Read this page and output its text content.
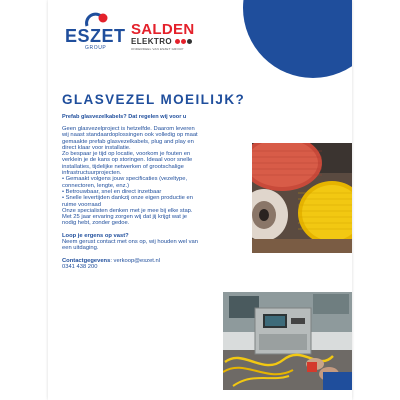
ESZET
GROUP
SALDEN
ELEKTRO
ONDERDEEL VAN ESZET GROUP
GLASVEZEL MOEILIJK?
Prefab glasvezelkabels? Dat regelen wij voor u

Geen glasvezelproject is hetzelfde. Daarom leveren

wij naast standaardoplossingen ook volledig op maat

gemaakte prefab glasvezelkabels, plug and play en

direct klaar voor installatie.

Zo bespaar je tijd op locatie, voorkom je fouten en

verklein je de kans op storingen. Ideaal voor snelle

installaties, tijdelijke netwerken of grootschalige

infrastructuurprojecten.

• Gemaakt volgens jouw specificaties (vezeltype,

connectoren, lengte, enz.)

• Betrouwbaar, snel en direct inzetbaar

• Snelle levertijden dankzij onze eigen productie en

ruime voorraad

Onze specialisten denken met je mee bij elke stap.

Met 25 jaar ervaring zorgen wij dat jij krijgt wat je

nodig hebt, zonder gedoe.

Loop je ergens op vast?

Neem gerust contact met ons op, wij houden wel van

een uitdaging.

Contactgegevens: verkoop@eszet.nl

0341 438 200
